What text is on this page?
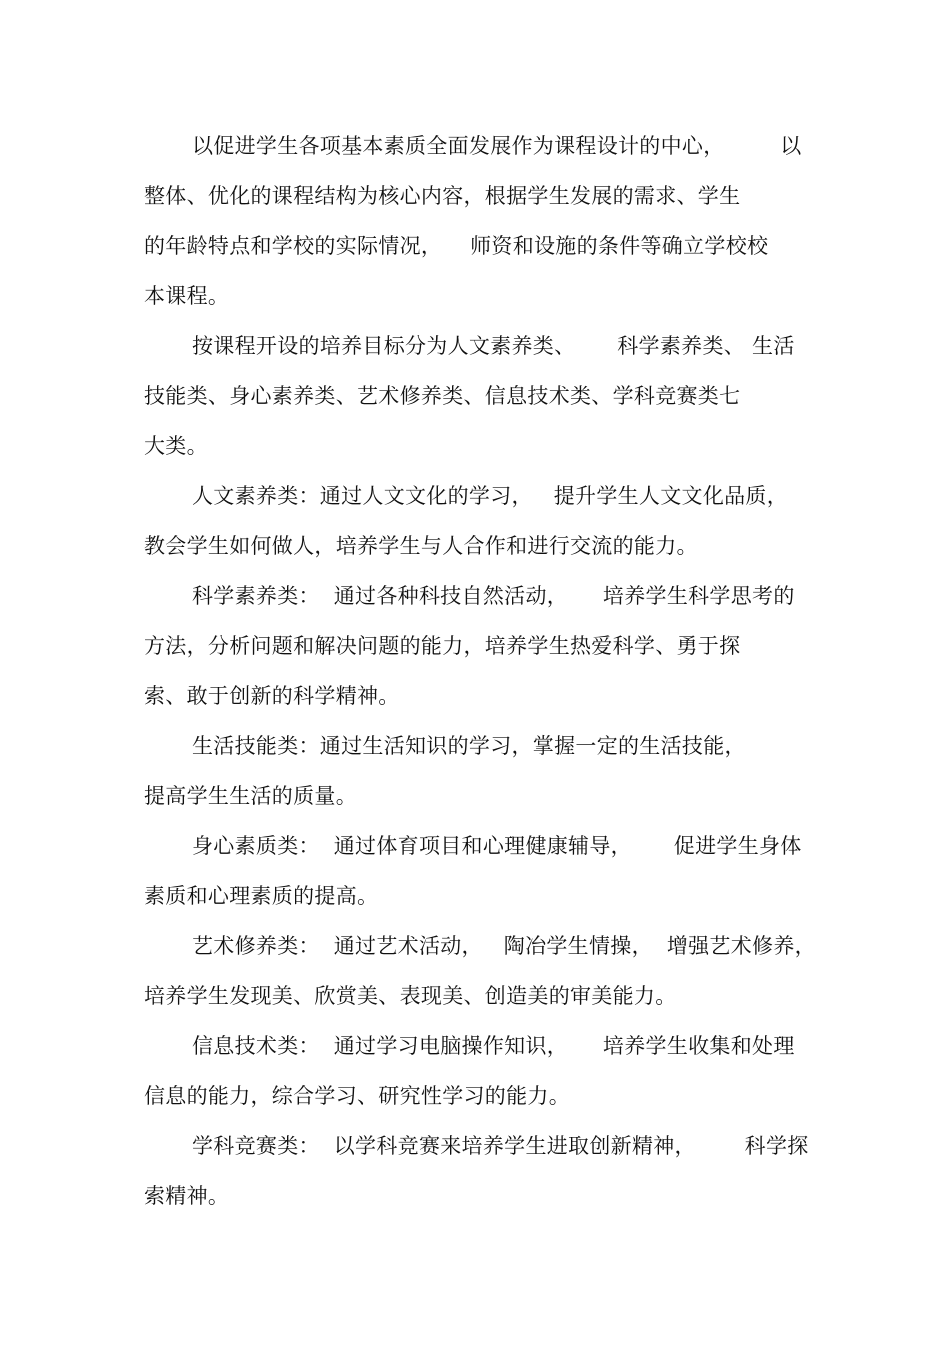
以促进学生各项基本素质全面发展作为课程设计的中心，        以
整体、优化的课程结构为核心内容，根据学生发展的需求、学生
的年龄特点和学校的实际情况，    师资和设施的条件等确立学校校
本课程。
按课程开设的培养目标分为人文素养类、      科学素养类、 生活
技能类、身心素养类、艺术修养类、信息技术类、学科竞赛类七
大类。
人文素养类：通过人文文化的学习，   提升学生人文文化品质，
教会学生如何做人，培养学生与人合作和进行交流的能力。
科学素养类：  通过各种科技自然活动，     培养学生科学思考的
方法，分析问题和解决问题的能力，培养学生热爱科学、勇于探
索、敢于创新的科学精神。
生活技能类：通过生活知识的学习，掌握一定的生活技能，
提高学生生活的质量。
身心素质类：  通过体育项目和心理健康辅导，      促进学生身体
素质和心理素质的提高。
艺术修养类：  通过艺术活动，   陶冶学生情操，  增强艺术修养，
培养学生发现美、欣赏美、表现美、创造美的审美能力。
信息技术类：  通过学习电脑操作知识，     培养学生收集和处理
信息的能力，综合学习、研究性学习的能力。
学科竞赛类：  以学科竞赛来培养学生进取创新精神，       科学探
索精神。
